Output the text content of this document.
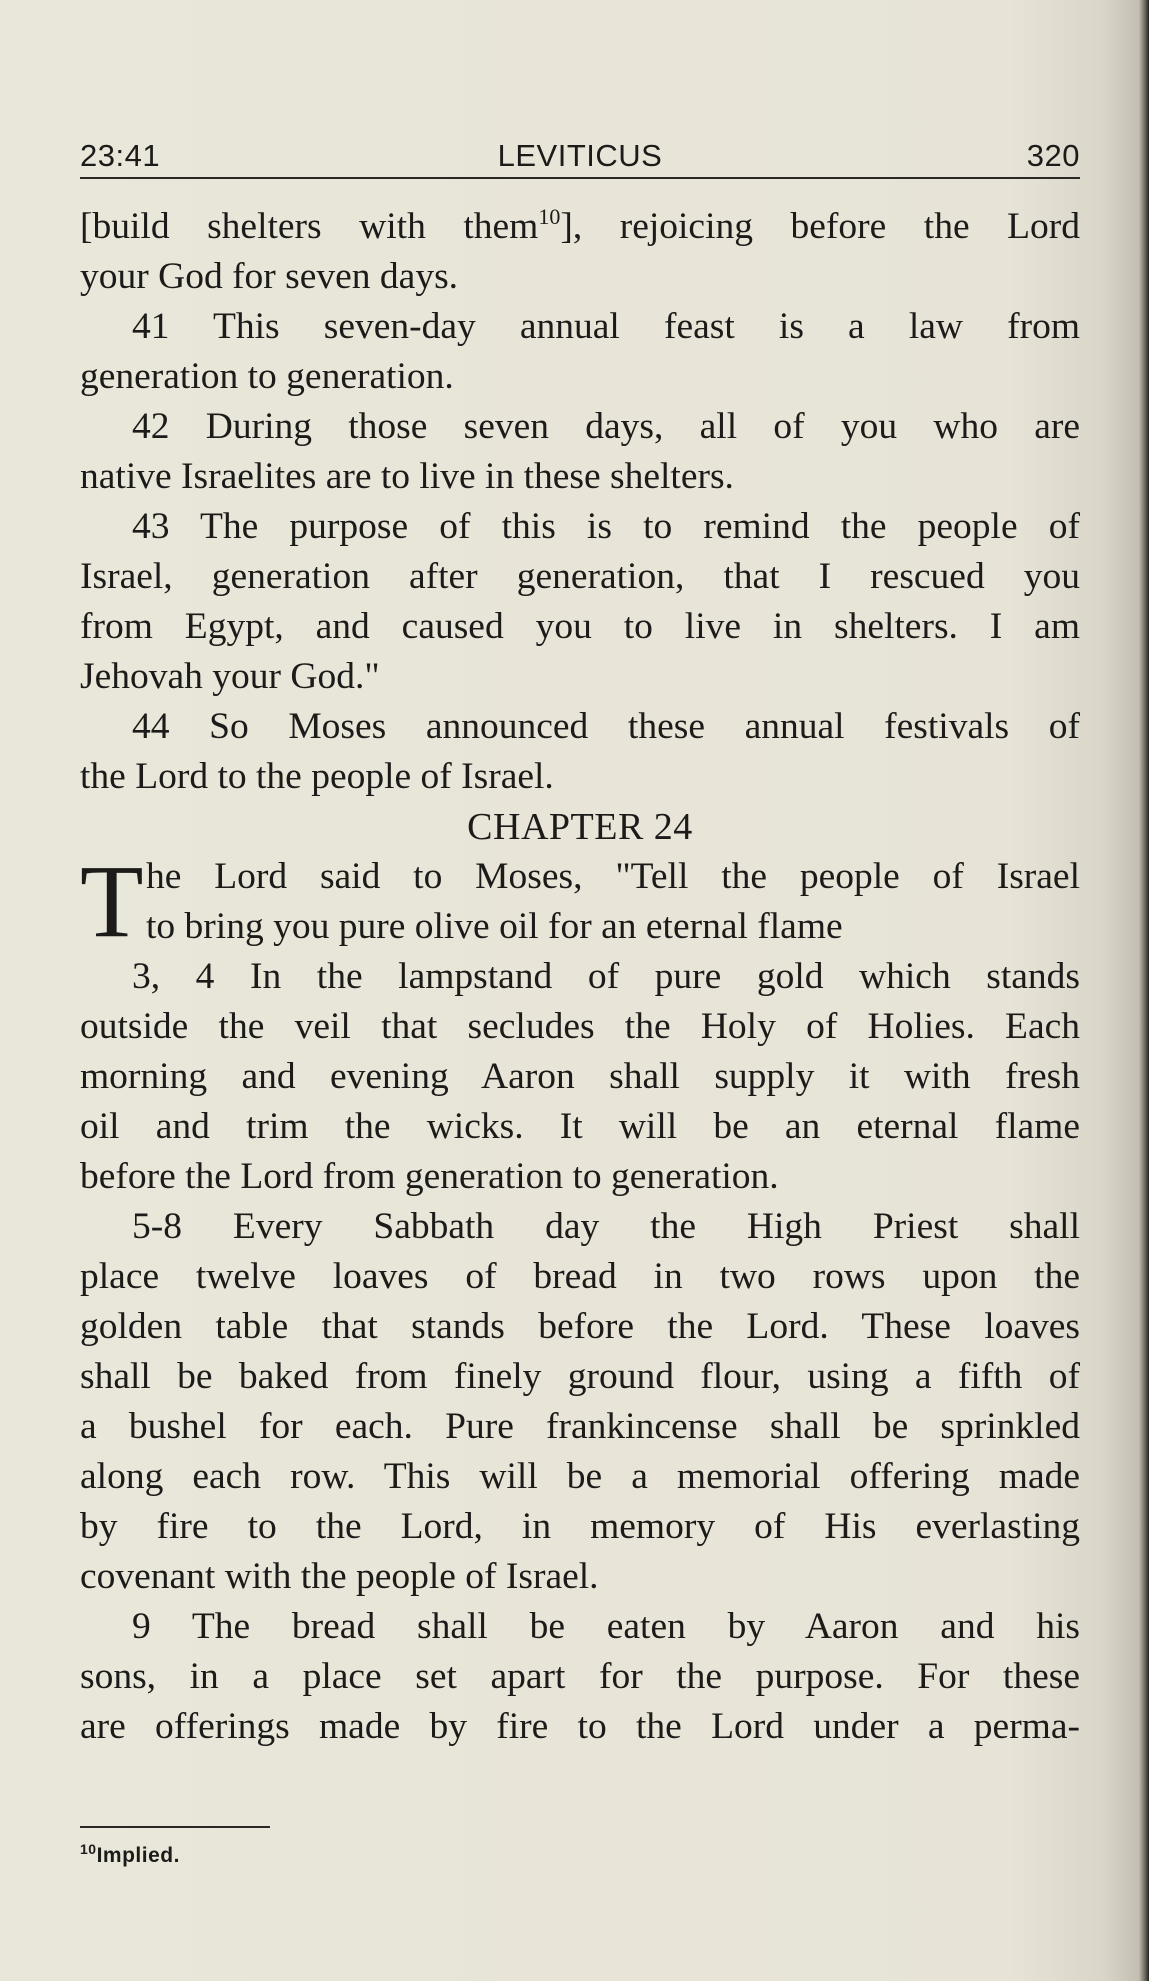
23:41	LEVITICUS	320
[build shelters with them$^{10}$], rejoicing before the Lord
your God for seven days.
41 This seven-day annual feast is a law from
generation to generation.
42 During those seven days, all of you who are
native Israelites are to live in these shelters.
43 The purpose of this is to remind the people of
Israel, generation after generation, that I rescued you
from Egypt, and caused you to live in shelters. I am
Jehovah your God."
44 So Moses announced these annual festivals of
the Lord to the people of Israel.
CHAPTER 24
T he Lord said to Moses, "Tell the people of Israel
to bring you pure olive oil for an eternal flame
3, 4 In the lampstand of pure gold which stands
outside the veil that secludes the Holy of Holies. Each
morning and evening Aaron shall supply it with fresh
oil and trim the wicks. It will be an eternal flame
before the Lord from generation to generation.
5-8 Every Sabbath day the High Priest shall
place twelve loaves of bread in two rows upon the
golden table that stands before the Lord. These loaves
shall be baked from finely ground flour, using a fifth of
a bushel for each. Pure frankincense shall be sprinkled
along each row. This will be a memorial offering made
by fire to the Lord, in memory of His everlasting
covenant with the people of Israel.
9 The bread shall be eaten by Aaron and his
sons, in a place set apart for the purpose. For these
are offerings made by fire to the Lord under a perma-
$^{10}$Implied.
